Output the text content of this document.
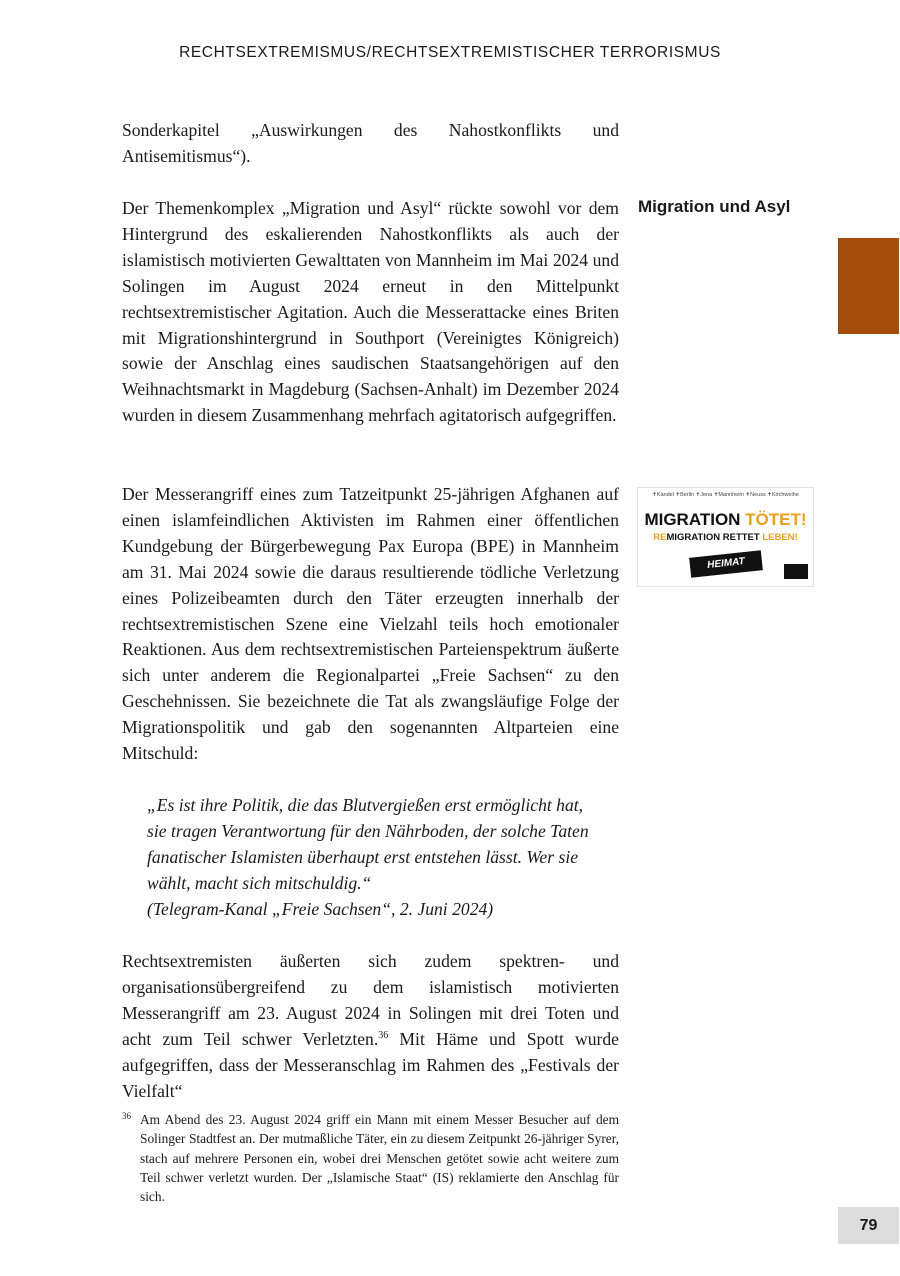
RECHTSEXTREMISMUS/RECHTSEXTREMISTISCHER TERRORISMUS

Sonderkapitel „Auswirkungen des Nahostkonflikts und Antisemitismus“).

Der Themenkomplex „Migration und Asyl“ rückte sowohl vor dem Hintergrund des eskalierenden Nahostkonflikts als auch der islamistisch motivierten Gewalttaten von Mannheim im Mai 2024 und Solingen im August 2024 erneut in den Mittelpunkt rechtsextremistischer Agitation. Auch die Messerattacke eines Briten mit Migrationshintergrund in Southport (Vereinigtes Königreich) sowie der Anschlag eines saudischen Staatsangehörigen auf den Weihnachtsmarkt in Magdeburg (Sachsen-Anhalt) im Dezember 2024 wurden in diesem Zusammenhang mehrfach agitatorisch aufgegriffen.

Der Messerangriff eines zum Tatzeitpunkt 25-jährigen Afghanen auf einen islamfeindlichen Aktivisten im Rahmen einer öffentlichen Kundgebung der Bürgerbewegung Pax Europa (BPE) in Mannheim am 31. Mai 2024 sowie die daraus resultierende tödliche Verletzung eines Polizeibeamten durch den Täter erzeugten innerhalb der rechtsextremistischen Szene eine Vielzahl teils hoch emotionaler Reaktionen. Aus dem rechtsextremistischen Parteienspektrum äußerte sich unter anderem die Regionalpartei „Freie Sachsen“ zu den Geschehnissen. Sie bezeichnete die Tat als zwangsläufige Folge der Migrationspolitik und gab den sogenannten Altparteien eine Mitschuld:

„Es ist ihre Politik, die das Blutvergießen erst ermöglicht hat,
sie tragen Verantwortung für den Nährboden, der solche Taten
fanatischer Islamisten überhaupt erst entstehen lässt. Wer sie
wählt, macht sich mitschuldig.“
(Telegram-Kanal „Freie Sachsen“, 2. Juni 2024)

Rechtsextremisten äußerten sich zudem spektren- und organisationsübergreifend zu dem islamistisch motivierten Messerangriff am 23. August 2024 in Solingen mit drei Toten und acht zum Teil schwer Verletzten.$^{36}$ Mit Häme und Spott wurde aufgegriffen, dass der Messeranschlag im Rahmen des „Festivals der Vielfalt“

Migration und Asyl
✝Kandel ✝Berlin ✝Jena ✝Mannheim ✝Neuss ✝Kirchweihe
MIGRATION TÖTET!
REMIGRATION RETTET LEBEN!
HEIMAT
36 Am Abend des 23. August 2024 griff ein Mann mit einem Messer Besucher auf dem Solinger Stadtfest an. Der mutmaßliche Täter, ein zu diesem Zeitpunkt 26-jähriger Syrer, stach auf mehrere Personen ein, wobei drei Menschen getötet sowie acht weitere zum Teil schwer verletzt wurden. Der „Islamische Staat“ (IS) reklamierte den Anschlag für sich.
79
